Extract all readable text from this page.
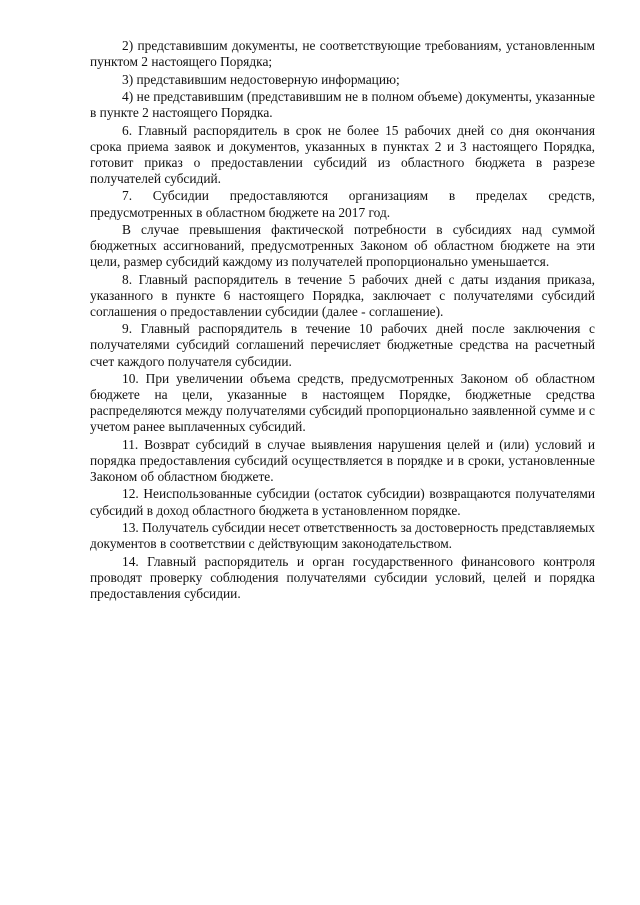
2) представившим документы, не соответствующие требованиям, установленным пунктом 2 настоящего Порядка;

3) представившим недостоверную информацию;

4) не представившим (представившим не в полном объеме) документы, указанные в пункте 2 настоящего Порядка.

6. Главный распорядитель в срок не более 15 рабочих дней со дня окончания срока приема заявок и документов, указанных в пунктах 2 и 3 настоящего Порядка, готовит приказ о предоставлении субсидий из областного бюджета в разрезе получателей субсидий.

7. Субсидии предоставляются организациям в пределах средств, предусмотренных в областном бюджете на 2017 год.

В случае превышения фактической потребности в субсидиях над суммой бюджетных ассигнований, предусмотренных Законом об областном бюджете на эти цели, размер субсидий каждому из получателей пропорционально уменьшается.

8. Главный распорядитель в течение 5 рабочих дней с даты издания приказа, указанного в пункте 6 настоящего Порядка, заключает с получателями субсидий соглашения о предоставлении субсидии (далее - соглашение).

9. Главный распорядитель в течение 10 рабочих дней после заключения с получателями субсидий соглашений перечисляет бюджетные средства на расчетный счет каждого получателя субсидии.

10. При увеличении объема средств, предусмотренных Законом об областном бюджете на цели, указанные в настоящем Порядке, бюджетные средства распределяются между получателями субсидий пропорционально заявленной сумме и с учетом ранее выплаченных субсидий.

11. Возврат субсидий в случае выявления нарушения целей и (или) условий и порядка предоставления субсидий осуществляется в порядке и в сроки, установленные Законом об областном бюджете.

12. Неиспользованные субсидии (остаток субсидии) возвращаются получателями субсидий в доход областного бюджета в установленном порядке.

13. Получатель субсидии несет ответственность за достоверность представляемых документов в соответствии с действующим законодательством.

14. Главный распорядитель и орган государственного финансового контроля проводят проверку соблюдения получателями субсидии условий, целей и порядка предоставления субсидии.
